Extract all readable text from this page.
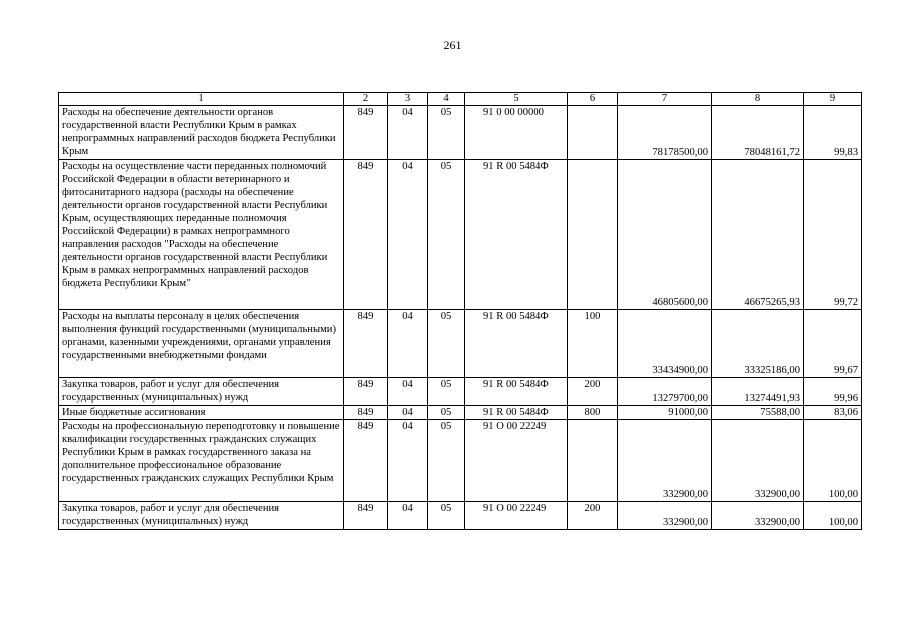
261
1	2	3	4	5	6	7	8	9
Расходы на обеспечение деятельности органов государственной власти Республики Крым в рамках непрограммных направлений расходов бюджета Республики Крым	849	04	05	91 0 00 00000		78178500,00	78048161,72	99,83
Расходы на осуществление части переданных полномочий Российской Федерации в области ветеринарного и фитосанитарного надзора (расходы на обеспечение деятельности органов государственной власти Республики Крым, осуществляющих переданные полномочия Российской Федерации) в рамках непрограммного направления расходов "Расходы на обеспечение деятельности органов государственной власти Республики Крым в рамках непрограммных направлений расходов бюджета Республики Крым"	849	04	05	91 R 00 5484Ф		46805600,00	46675265,93	99,72
Расходы на выплаты персоналу в целях обеспечения выполнения функций государственными (муниципальными) органами, казенными учреждениями, органами управления государственными внебюджетными фондами	849	04	05	91 R 00 5484Ф	100	33434900,00	33325186,00	99,67
Закупка товаров, работ и услуг для обеспечения государственных (муниципальных) нужд	849	04	05	91 R 00 5484Ф	200	13279700,00	13274491,93	99,96
Иные бюджетные ассигнования	849	04	05	91 R 00 5484Ф	800	91000,00	75588,00	83,06
Расходы на профессиональную переподготовку и повышение квалификации государственных гражданских служащих Республики Крым в рамках государственного заказа на дополнительное профессиональное образование государственных гражданских служащих Республики Крым	849	04	05	91 О 00 22249		332900,00	332900,00	100,00
Закупка товаров, работ и услуг для обеспечения государственных (муниципальных) нужд	849	04	05	91 О 00 22249	200	332900,00	332900,00	100,00
